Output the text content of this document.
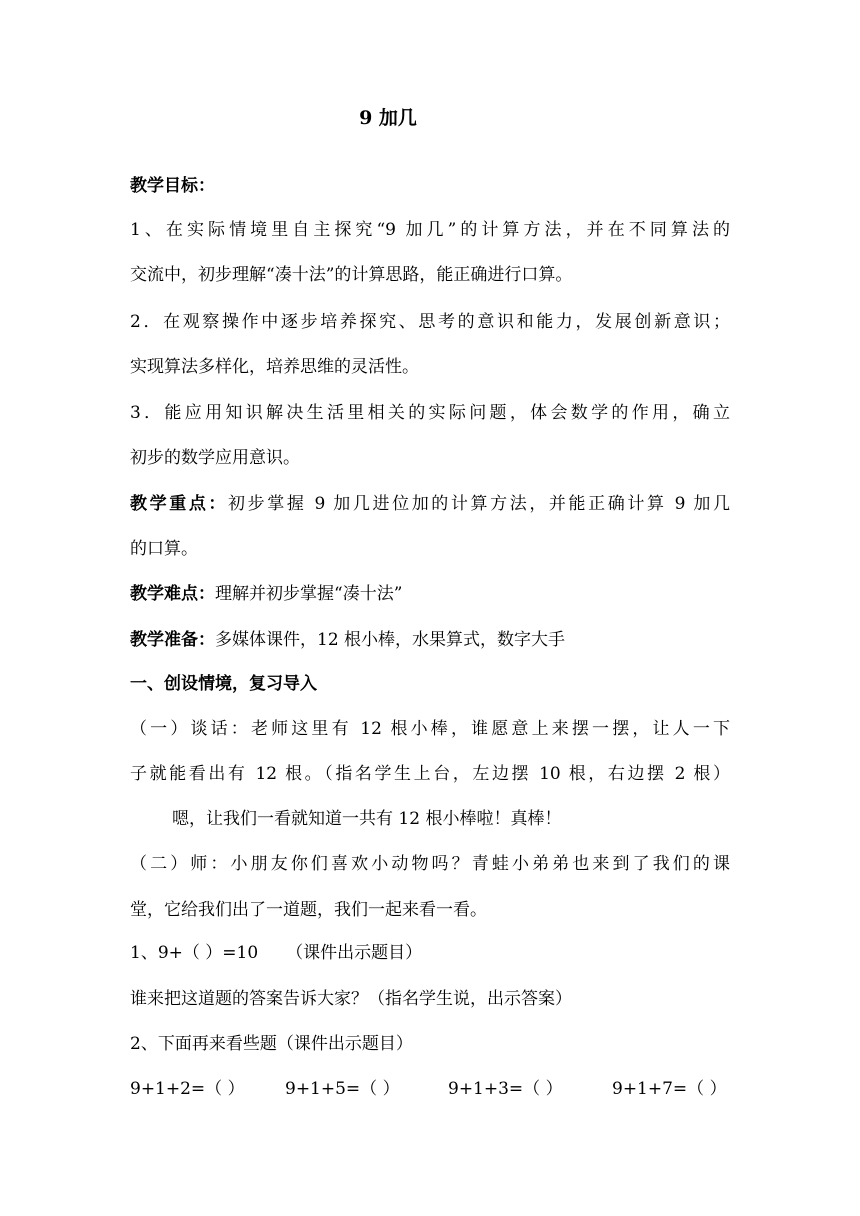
9 加几
教学目标：
1、在实际情境里自主探究“9 加几”的计算方法，并在不同算法的
交流中，初步理解“凑十法”的计算思路，能正确进行口算。
2．在观察操作中逐步培养探究、思考的意识和能力，发展创新意识；
实现算法多样化，培养思维的灵活性。
3．能应用知识解决生活里相关的实际问题，体会数学的作用，确立
初步的数学应用意识。
教学重点：初步掌握 9 加几进位加的计算方法，并能正确计算 9 加几
的口算。
教学难点：理解并初步掌握“凑十法”
教学准备：多媒体课件，12 根小棒，水果算式，数字大手
一、创设情境，复习导入
（一）谈话：老师这里有 12 根小棒，谁愿意上来摆一摆，让人一下
子就能看出有 12 根。（指名学生上台，左边摆 10 根，右边摆 2 根）
嗯，让我们一看就知道一共有 12 根小棒啦！真棒！
（二）师：小朋友你们喜欢小动物吗？青蛙小弟弟也来到了我们的课
堂，它给我们出了一道题，我们一起来看一看。
1、9+（ ）=10 （课件出示题目）
谁来把这道题的答案告诉大家？（指名学生说，出示答案）
2、下面再来看些题（课件出示题目）
9+1+2=（ ） 9+1+5=（ ）	9+1+3=（ ）	9+1+7=（ ）
